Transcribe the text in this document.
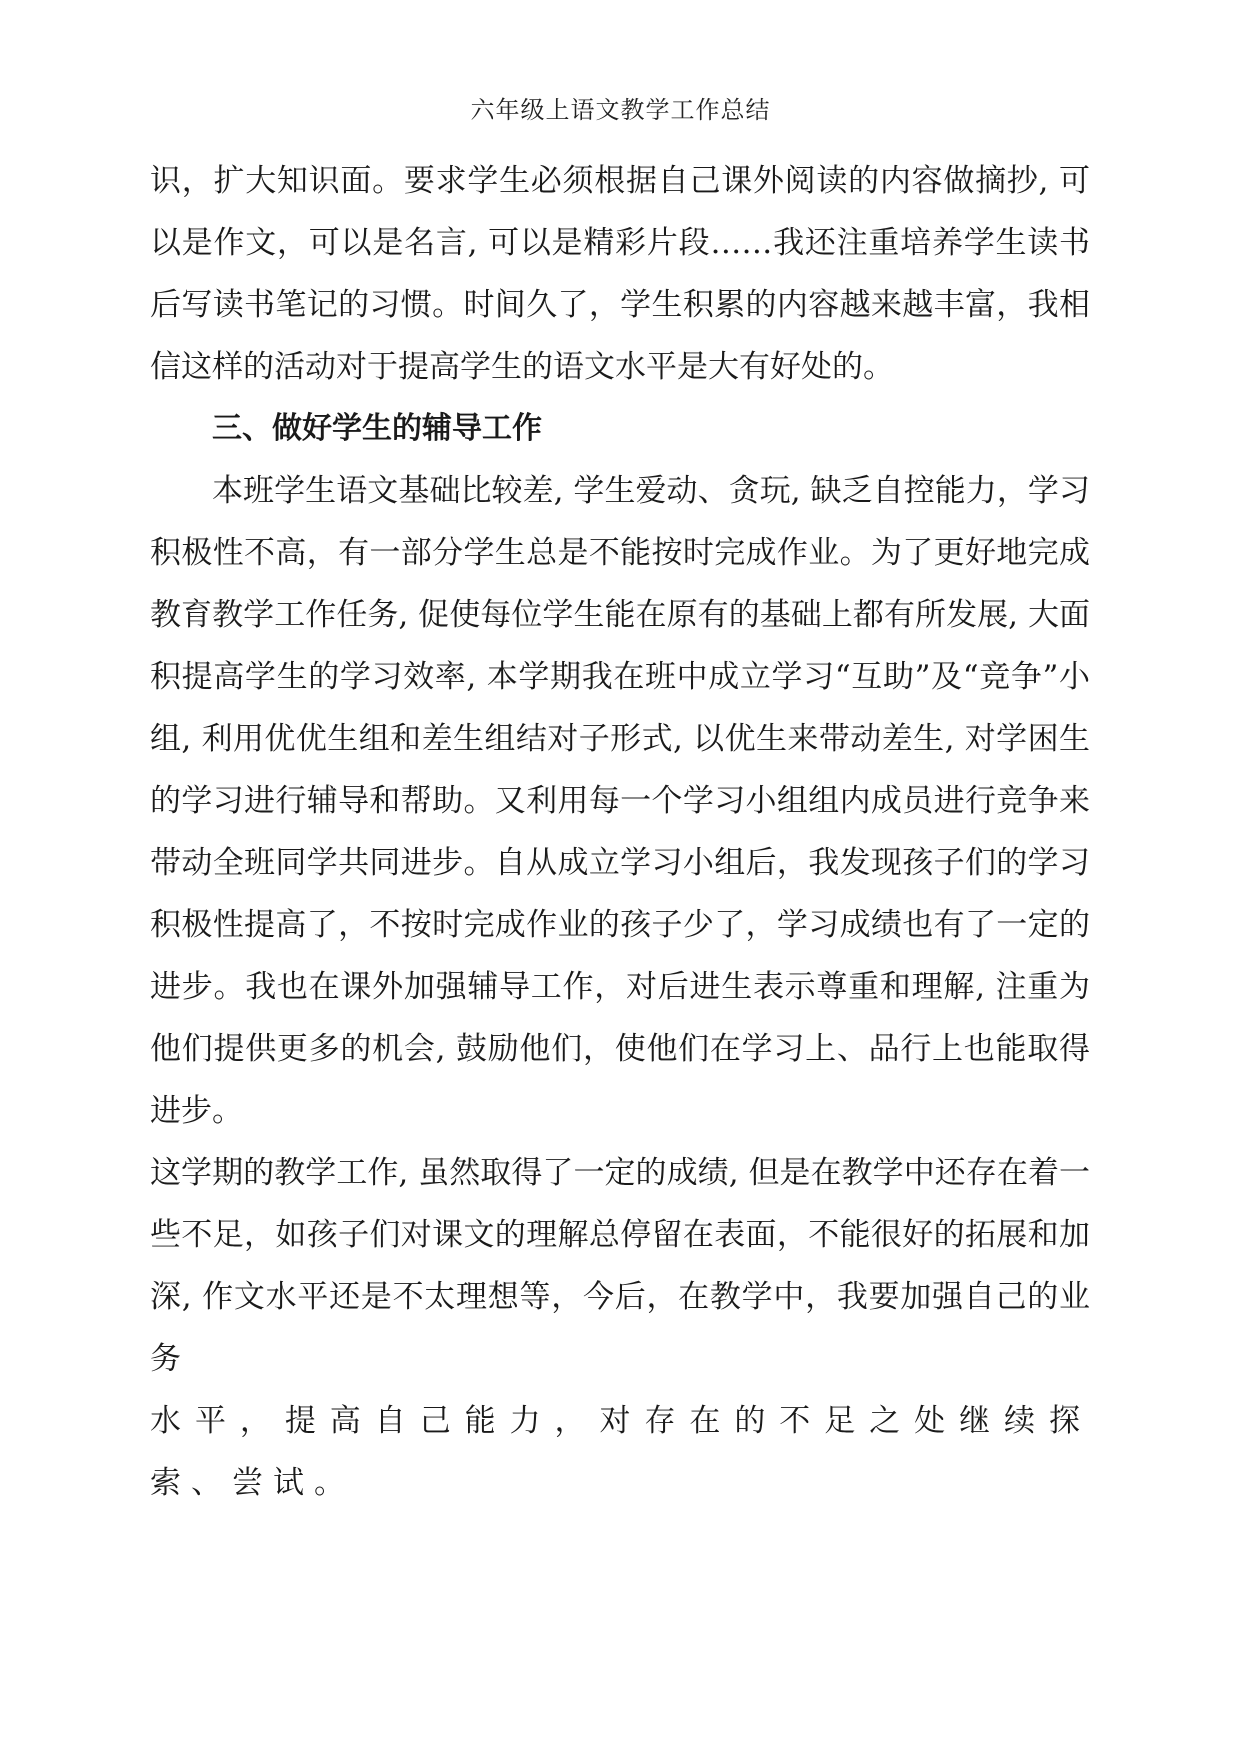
六年级上语文教学工作总结

识，扩大知识面。要求学生必须根据自己课外阅读的内容做摘抄, 可以是作文，可以是名言, 可以是精彩片段……我还注重培养学生读书后写读书笔记的习惯。时间久了，学生积累的内容越来越丰富，我相信这样的活动对于提高学生的语文水平是大有好处的。

三、做好学生的辅导工作

本班学生语文基础比较差, 学生爱动、贪玩, 缺乏自控能力，学习积极性不高，有一部分学生总是不能按时完成作业。为了更好地完成教育教学工作任务, 促使每位学生能在原有的基础上都有所发展, 大面积提高学生的学习效率, 本学期我在班中成立学习“互助”及“竞争”小组, 利用优优生组和差生组结对子形式, 以优生来带动差生, 对学困生的学习进行辅导和帮助。又利用每一个学习小组组内成员进行竞争来带动全班同学共同进步。自从成立学习小组后，我发现孩子们的学习积极性提高了，不按时完成作业的孩子少了，学习成绩也有了一定的进步。我也在课外加强辅导工作，对后进生表示尊重和理解, 注重为他们提供更多的机会, 鼓励他们，使他们在学习上、品行上也能取得进步。

这学期的教学工作, 虽然取得了一定的成绩, 但是在教学中还存在着一些不足，如孩子们对课文的理解总停留在表面，不能很好的拓展和加深, 作文水平还是不太理想等，今后，在教学中，我要加强自己的业务

水平，提高自己能力，对存在的不足之处继续探索、尝试。
